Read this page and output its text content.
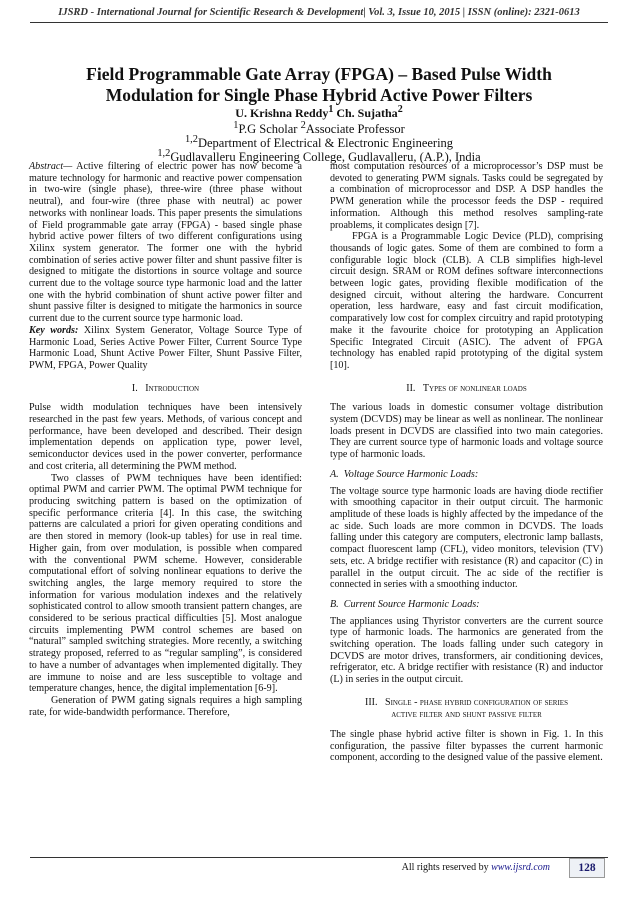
IJSRD - International Journal for Scientific Research & Development| Vol. 3, Issue 10, 2015 | ISSN (online): 2321-0613
Field Programmable Gate Array (FPGA) – Based Pulse Width
Modulation for Single Phase Hybrid Active Power Filters
U. Krishna Reddy$^1$ Ch. Sujatha$^2$
$^1$P.G Scholar $^2$Associate Professor
$^{1,2}$Department of Electrical & Electronic Engineering
$^{1,2}$Gudlavalleru Engineering College, Gudlavalleru, (A.P.), India

Abstract— Active filtering of electric power has now become a mature technology for harmonic and reactive power compensation in two-wire (single phase), three-wire (three phase without neutral), and four-wire (three phase with neutral) ac power networks with nonlinear loads. This paper presents the simulations of Field programmable gate array (FPGA) - based single phase hybrid active power filters of two different configurations using Xilinx system generator. The former one with the hybrid combination of series active power filter and shunt passive filter is designed to mitigate the distortions in source voltage and source current due to the voltage source type harmonic load and the latter one with the hybrid combination of shunt active power filter and shunt passive filter is designed to mitigate the harmonics in source current due to the current source type harmonic load.

Key words: Xilinx System Generator, Voltage Source Type of Harmonic Load, Series Active Power Filter, Current Source Type Harmonic Load, Shunt Active Power Filter, Shunt Passive Filter, PWM, FPGA, Power Quality

I. Introduction

Pulse width modulation techniques have been intensively researched in the past few years. Methods, of various concept and performance, have been developed and described. Their design implementation depends on application type, power level, semiconductor devices used in the power converter, performance and cost criteria, all determining the PWM method.

Two classes of PWM techniques have been identified: optimal PWM and carrier PWM. The optimal PWM technique for producing switching pattern is based on the optimization of specific performance criteria [4]. In this case, the switching patterns are calculated a priori for given operating conditions and are then stored in memory (look-up tables) for use in real time. Higher gain, from over modulation, is possible when compared with the conventional PWM scheme. However, considerable computational effort of solving nonlinear equations to derive the switching angles, the large memory required to store the information for various modulation indexes and the relatively sophisticated control to allow smooth transient pattern changes, are considered to be serious practical difficulties [5]. Most analogue circuits implementing PWM control schemes are based on “natural” sampled switching strategies. More recently, a switching strategy proposed, referred to as “regular sampling”, is considered to have a number of advantages when implemented digitally. They are immune to noise and are less susceptible to voltage and temperature changes, hence, the digital implementation [6-9].

Generation of PWM gating signals requires a high sampling rate, for wide-bandwidth performance. Therefore,

most computation resources of a microprocessor’s DSP must be devoted to generating PWM signals. Tasks could be segregated by a combination of microprocessor and DSP. A DSP handles the PWM generation while the processor feeds the DSP - required information. Although this method resolves sampling-rate proablems, it complicates design [7].

FPGA is a Programmable Logic Device (PLD), comprising thousands of logic gates. Some of them are combined to form a configurable logic block (CLB). A CLB simplifies high-level circuit design. SRAM or ROM defines software interconnections between logic gates, providing flexible modification of the designed circuit, without altering the hardware. Concurrent operation, less hardware, easy and fast circuit modification, comparatively low cost for complex circuitry and rapid prototyping make it the favourite choice for prototyping an Application Specific Integrated Circuit (ASIC). The advent of FPGA technology has enabled rapid prototyping of the digital system [10].

II. Types of nonlinear loads

The various loads in domestic consumer voltage distribution system (DCVDS) may be linear as well as nonlinear. The nonlinear loads present in DCVDS are classified into two main categories. They are current source type of harmonic loads and voltage source type of harmonic loads.

A.  Voltage Source Harmonic Loads:

The voltage source type harmonic loads are having diode rectifier with smoothing capacitor in their output circuit. The harmonic amplitude of these loads is highly affected by the impedance of the ac side. Such loads are more common in DCVDS. The loads falling under this category are computers, electronic lamp ballasts, compact fluorescent lamp (CFL), video monitors, television (TV) sets, etc. A bridge rectifier with resistance (R) and capacitor (C) in parallel in the output circuit. The ac side of the rectifier is connected in series with a smoothing inductor.

B.  Current Source Harmonic Loads:

The appliances using Thyristor converters are the current source type of harmonic loads. The harmonics are generated from the switching operation. The loads falling under such category in DCVDS are motor drives, transformers, air conditioning devices, refrigerator, etc. A bridge rectifier with resistance (R) and inductor (L) in series in the output circuit.

III. Single - phase hybrid configuration of series
active filter and shunt passive filter

The single phase hybrid active filter is shown in Fig. 1. In this configuration, the passive filter bypasses the current harmonic component, according to the designed value of the passive element.

All rights reserved by www.ijsrd.com	128
